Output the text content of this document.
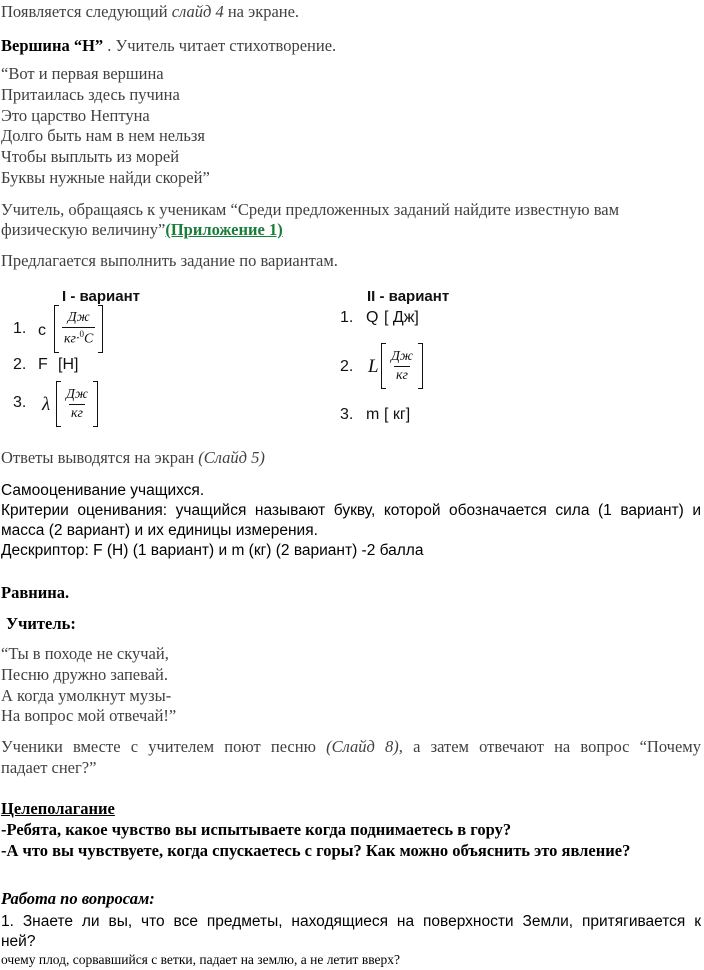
Появляется следующий слайд 4 на экране.

Вершина “Н” . Учитель читает стихотворение.

“Вот и первая вершина

Притаилась здесь пучина

Это царство Нептуна

Долго быть нам в нем нельзя

Чтобы выплыть из морей

Буквы нужные найди скорей”

Учитель, обращаясь к ученикам “Среди предложенных заданий найдите известную вам

физическую величину”(Приложение 1)

Предлагается выполнить задание по вариантам.

I - вариант
1. c
Дж
кг·$^0$C
2. F [Н]
3. λ Дж
кг
II - вариант
1. Q [ Дж]
2. L Дж
кг
3. m [ кг]

Ответы выводятся на экран (Слайд 5)

Самооценивание учащихся.

Критерии оценивания: учащийся называют букву, которой обозначается сила (1 вариант) и

масса (2 вариант) и их единицы измерения.

Дескриптор: F (Н) (1 вариант) и m (кг) (2 вариант) -2 балла

Равнина.

Учитель:

“Ты в походе не скучай,

Песню дружно запевай.

А когда умолкнут музы-

На вопрос мой отвечай!”

Ученики вместе с учителем поют песню (Слайд 8), а затем отвечают на вопрос “Почему

падает снег?”

Целеполагание

-Ребята, какое чувство вы испытываете когда поднимаетесь в гору?

-А что вы чувствуете, когда спускаетесь с горы? Как можно объяснить это явление?

Работа по вопросам:

1. Знаете ли вы, что все предметы, находящиеся на поверхности Земли, притягивается к

ней?

очему плод, сорвавшийся с ветки, падает на землю, а не летит вверх?
